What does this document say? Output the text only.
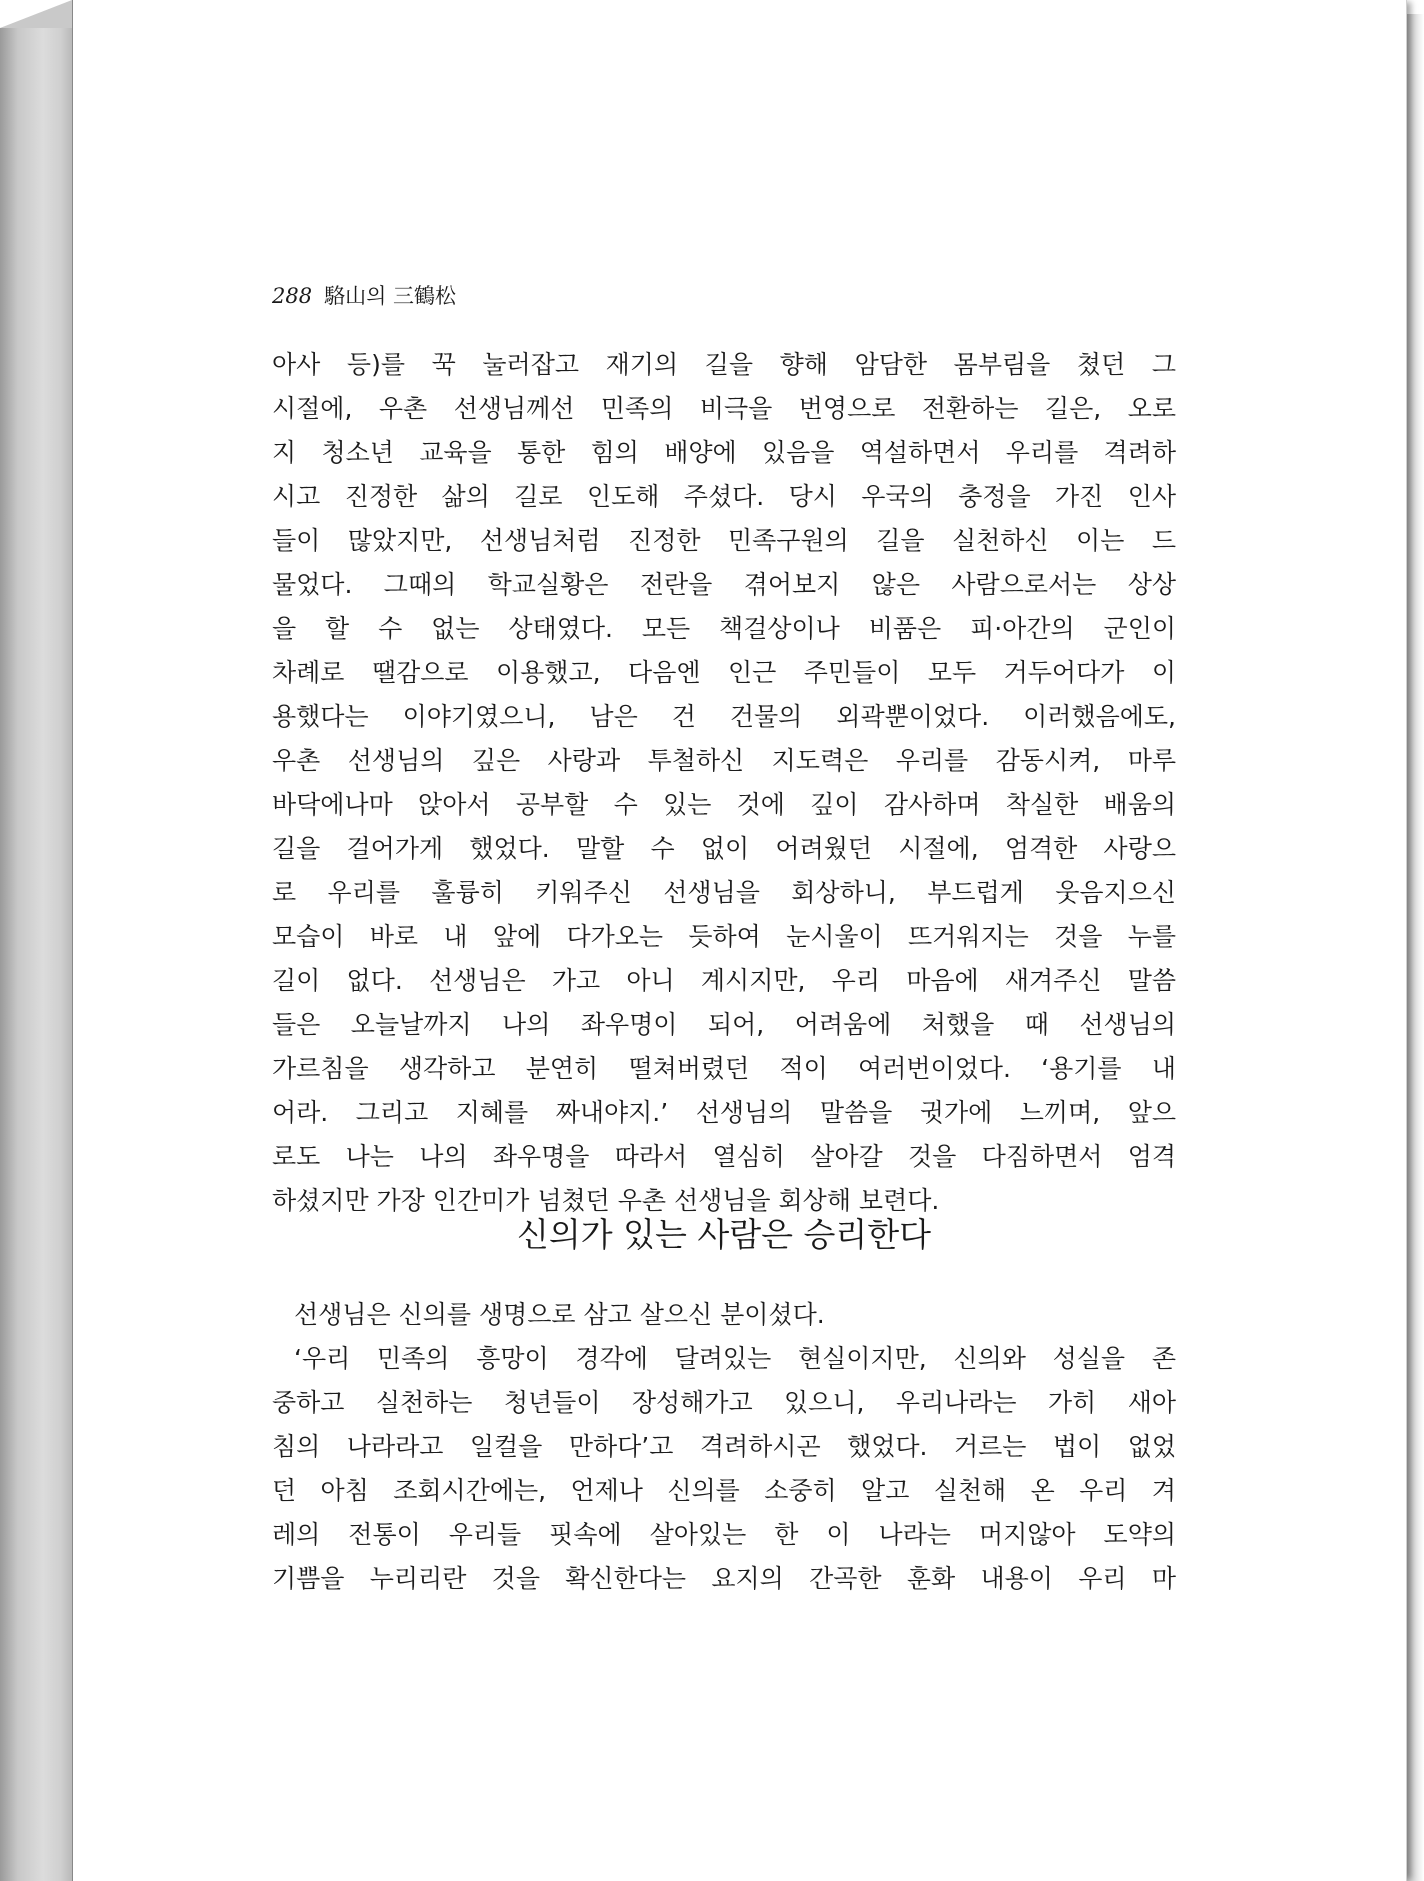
288 駱山의 三鶴松
아사 등)를 꾹 눌러잡고 재기의 길을 향해 암담한 몸부림을 쳤던 그
시절에, 우촌 선생님께선 민족의 비극을 번영으로 전환하는 길은, 오로
지 청소년 교육을 통한 힘의 배양에 있음을 역설하면서 우리를 격려하
시고 진정한 삶의 길로 인도해 주셨다. 당시 우국의 충정을 가진 인사
들이 많았지만, 선생님처럼 진정한 민족구원의 길을 실천하신 이는 드
물었다. 그때의 학교실황은 전란을 겪어보지 않은 사람으로서는 상상
을 할 수 없는 상태였다. 모든 책걸상이나 비품은 피·아간의 군인이
차례로 땔감으로 이용했고, 다음엔 인근 주민들이 모두 거두어다가 이
용했다는 이야기였으니, 남은 건 건물의 외곽뿐이었다. 이러했음에도,
우촌 선생님의 깊은 사랑과 투철하신 지도력은 우리를 감동시켜, 마루
바닥에나마 앉아서 공부할 수 있는 것에 깊이 감사하며 착실한 배움의
길을 걸어가게 했었다. 말할 수 없이 어려웠던 시절에, 엄격한 사랑으
로 우리를 훌륭히 키워주신 선생님을 회상하니, 부드럽게 웃음지으신
모습이 바로 내 앞에 다가오는 듯하여 눈시울이 뜨거워지는 것을 누를
길이 없다. 선생님은 가고 아니 계시지만, 우리 마음에 새겨주신 말씀
들은 오늘날까지 나의 좌우명이 되어, 어려움에 처했을 때 선생님의
가르침을 생각하고 분연히 떨쳐버렸던 적이 여러번이었다. ‘용기를 내
어라. 그리고 지혜를 짜내야지.’ 선생님의 말씀을 귓가에 느끼며, 앞으
로도 나는 나의 좌우명을 따라서 열심히 살아갈 것을 다짐하면서 엄격
하셨지만 가장 인간미가 넘쳤던 우촌 선생님을 회상해 보련다.
신의가 있는 사람은 승리한다
선생님은 신의를 생명으로 삼고 살으신 분이셨다.
‘우리 민족의 흥망이 경각에 달려있는 현실이지만, 신의와 성실을 존
중하고 실천하는 청년들이 장성해가고 있으니, 우리나라는 가히 새아
침의 나라라고 일컬을 만하다’고 격려하시곤 했었다. 거르는 법이 없었
던 아침 조회시간에는, 언제나 신의를 소중히 알고 실천해 온 우리 겨
레의 전통이 우리들 핏속에 살아있는 한 이 나라는 머지않아 도약의
기쁨을 누리리란 것을 확신한다는 요지의 간곡한 훈화 내용이 우리 마
